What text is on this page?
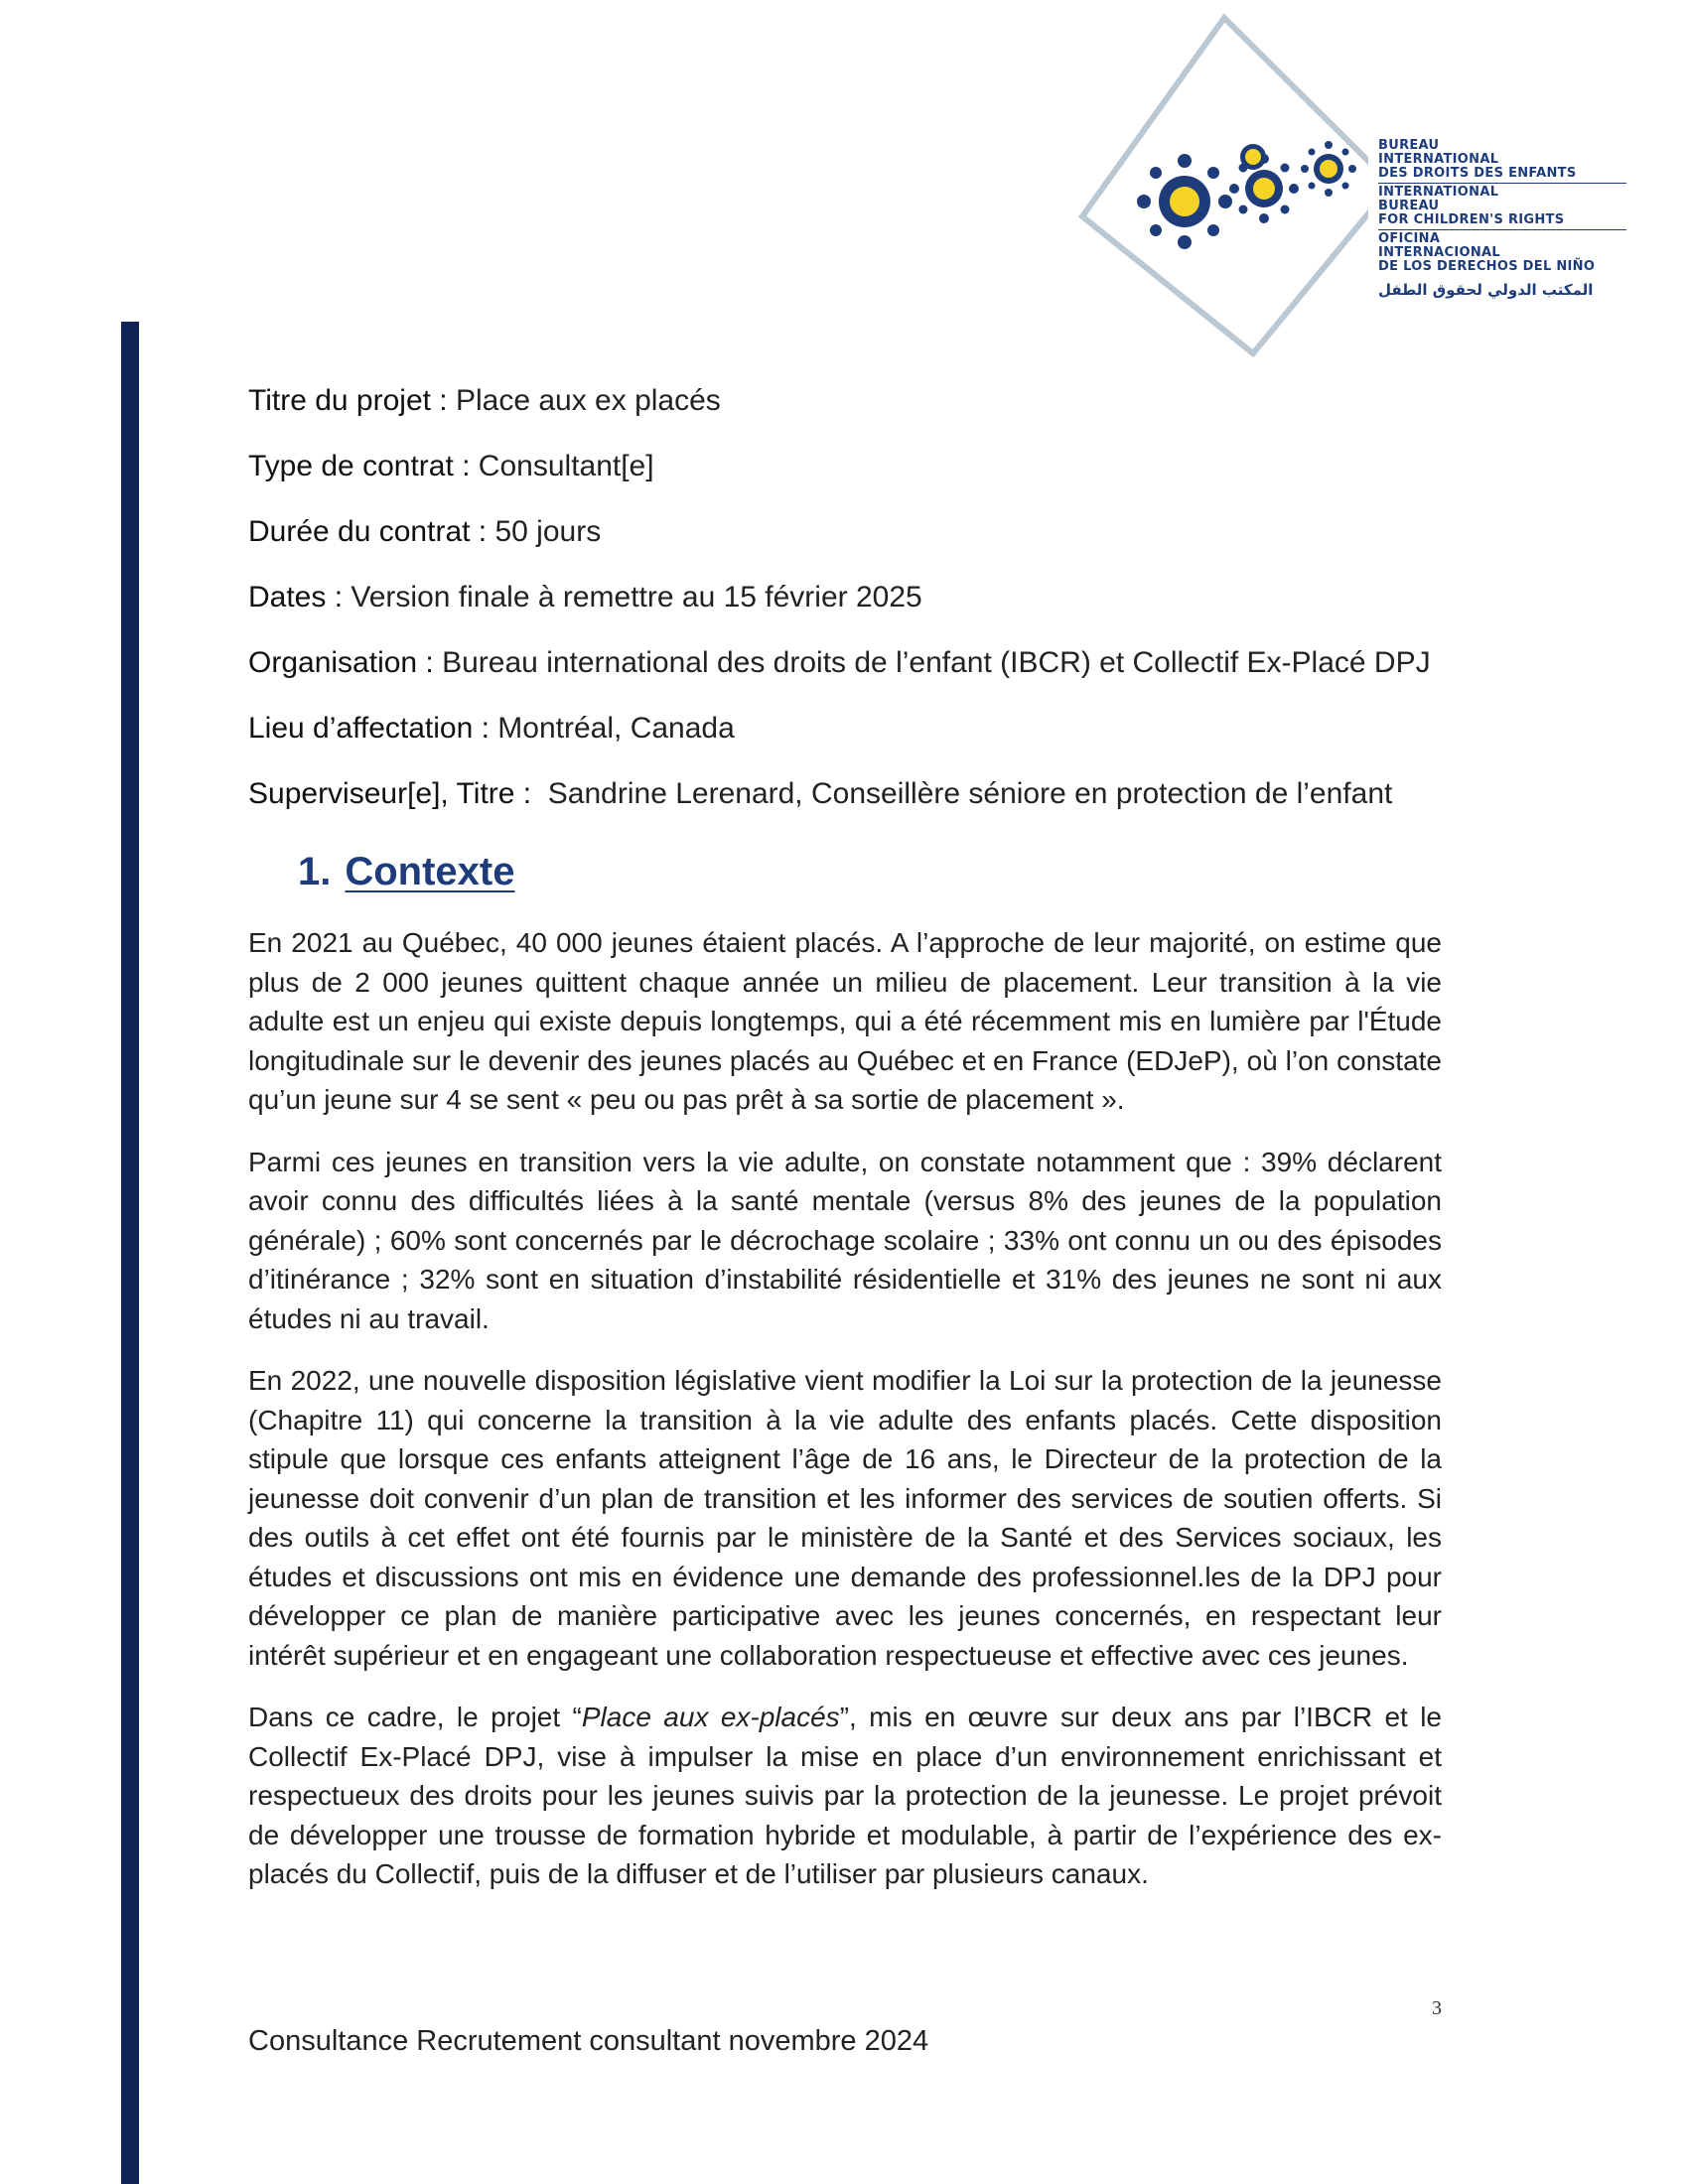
BUREAU
INTERNATIONAL
DES DROITS DES ENFANTS
INTERNATIONAL
BUREAU
FOR CHILDREN'S RIGHTS
OFICINA
INTERNACIONAL
DE LOS DERECHOS DEL NIÑO
المكتب الدولي لحقوق الطفل

Titre du projet : Place aux ex placés

Type de contrat : Consultant[e]

Durée du contrat : 50 jours

Dates : Version finale à remettre au 15 février 2025

Organisation : Bureau international des droits de l’enfant (IBCR) et Collectif Ex-Placé DPJ

Lieu d’affectation : Montréal, Canada

Superviseur[e], Titre :  Sandrine Lerenard, Conseillère séniore en protection de l’enfant

1. Contexte

En 2021 au Québec, 40 000 jeunes étaient placés. A l’approche de leur majorité, on estime que plus de 2 000 jeunes quittent chaque année un milieu de placement. Leur transition à la vie adulte est un enjeu qui existe depuis longtemps, qui a été récemment mis en lumière par l'Étude longitudinale sur le devenir des jeunes placés au Québec et en France (EDJeP), où l’on constate qu’un jeune sur 4 se sent « peu ou pas prêt à sa sortie de placement ».

Parmi ces jeunes en transition vers la vie adulte, on constate notamment que : 39% déclarent avoir connu des difficultés liées à la santé mentale (versus 8% des jeunes de la population générale) ; 60% sont concernés par le décrochage scolaire ; 33% ont connu un ou des épisodes d’itinérance ; 32% sont en situation d’instabilité résidentielle et 31% des jeunes ne sont ni aux études ni au travail.

En 2022, une nouvelle disposition législative vient modifier la Loi sur la protection de la jeunesse (Chapitre 11) qui concerne la transition à la vie adulte des enfants placés. Cette disposition stipule que lorsque ces enfants atteignent l’âge de 16 ans, le Directeur de la protection de la jeunesse doit convenir d’un plan de transition et les informer des services de soutien offerts. Si des outils à cet effet ont été fournis par le ministère de la Santé et des Services sociaux, les études et discussions ont mis en évidence une demande des professionnel.les de la DPJ pour développer ce plan de manière participative avec les jeunes concernés, en respectant leur intérêt supérieur et en engageant une collaboration respectueuse et effective avec ces jeunes.

Dans ce cadre, le projet “Place aux ex-placés”, mis en œuvre sur deux ans par l’IBCR et le Collectif Ex-Placé DPJ, vise à impulser la mise en place d’un environnement enrichissant et respectueux des droits pour les jeunes suivis par la protection de la jeunesse. Le projet prévoit de développer une trousse de formation hybride et modulable, à partir de l’expérience des ex-placés du Collectif, puis de la diffuser et de l’utiliser par plusieurs canaux.

3
Consultance Recrutement consultant novembre 2024
